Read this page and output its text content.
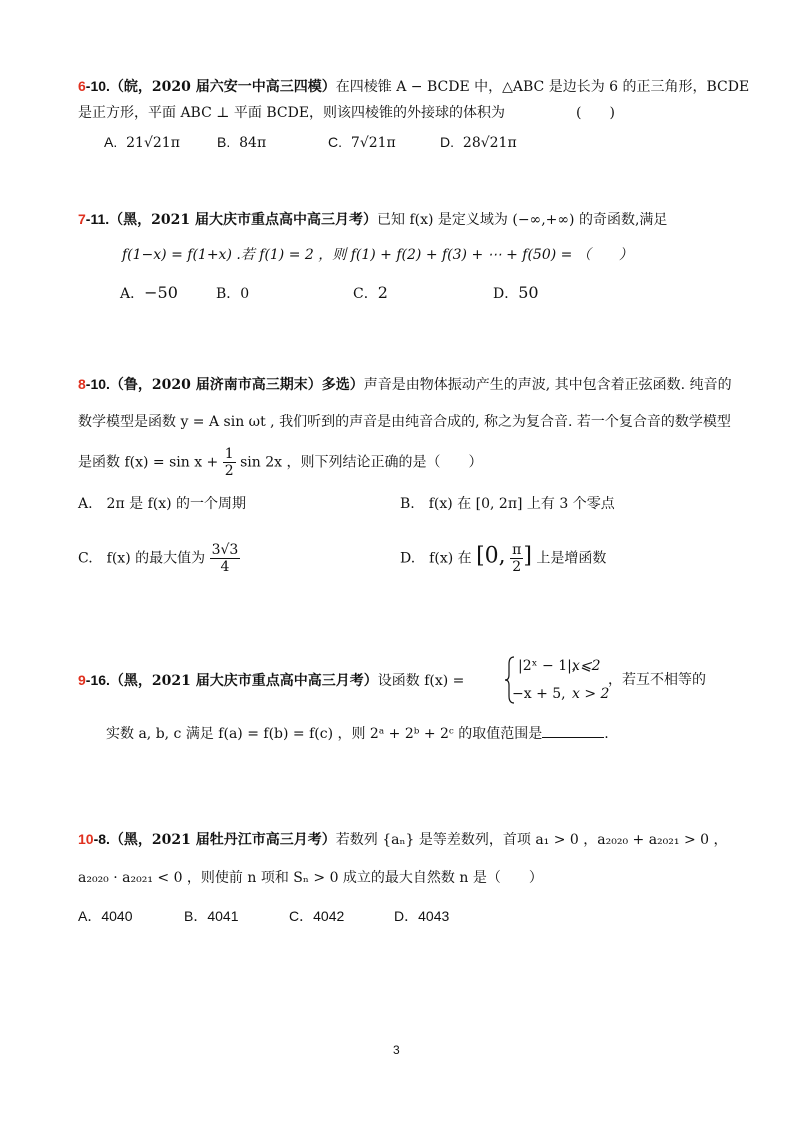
6-10.（皖，2020 届六安一中高三四模）在四棱锥 A − BCDE 中，△ABC 是边长为 6 的正三角形，BCDE
是正方形，平面 ABC ⊥ 平面 BCDE，则该四棱锥的外接球的体积为	(　　)
A. 21√21π	B. 84π	C. 7√21π	D. 28√21π
7-11.（黑，2021 届大庆市重点高中高三月考）已知 f(x) 是定义域为 (−∞,+∞) 的奇函数,满足
f(1−x) = f(1+x) .若 f(1) = 2 ，则 f(1) + f(2) + f(3) + ⋯ + f(50) = （　　）
A．−50	B．0	C．2	D．50
8-10.（鲁，2020 届济南市高三期末）多选）声音是由物体振动产生的声波, 其中包含着正弦函数. 纯音的
数学模型是函数 y = A sin ωt , 我们听到的声音是由纯音合成的, 称之为复合音. 若一个复合音的数学模型
是函数 $f(x) = \sin x + \frac{1}{2}$ sin 2x ，则下列结论正确的是（　　）
A.　2π 是 f(x) 的一个周期	B.　f(x) 在 [0, 2π] 上有 3 个零点
C.　f(x) 的最大值为 $\frac{3√3}{4}$	D.　f(x) 在 [0, $\frac{\pi}{2}$ ] 上是增函数
9-16.（黑，2021 届大庆市重点高中高三月考）设函数 f(x) =
|2ˣ − 1|,
x⩽2
−x + 5, x > 2
，若互不相等的
实数 a, b, c 满足 f(a) = f(b) = f(c) ，则 2ᵃ + 2ᵇ + 2ᶜ 的取值范围是	.
10-8.（黑，2021 届牡丹江市高三月考）若数列 {aₙ} 是等差数列，首项 a₁ > 0 ，a₂₀₂₀ + a₂₀₂₁ > 0 ，
a₂₀₂₀ · a₂₀₂₁ < 0 ，则使前 n 项和 Sₙ > 0 成立的最大自然数 n 是（　　）
A．4040	B．4041	C．4042	D．4043
3
